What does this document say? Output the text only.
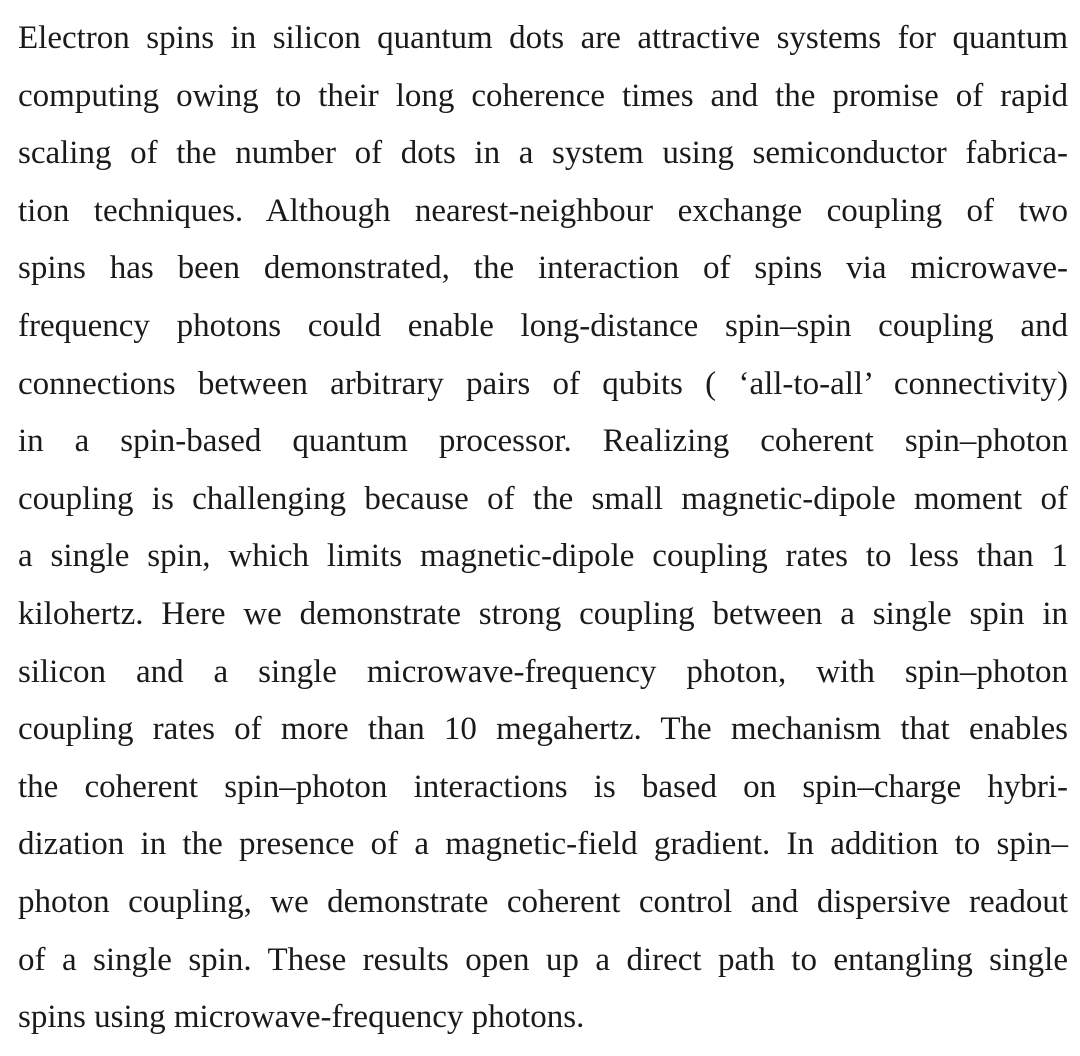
Electron spins in silicon quantum dots are attractive systems for quantum
computing owing to their long coherence times and the promise of rapid
scaling of the number of dots in a system using semiconductor fabrica-
tion techniques. Although nearest-neighbour exchange coupling of two
spins has been demonstrated, the interaction of spins via microwave-
frequency photons could enable long-distance spin–spin coupling and
connections between arbitrary pairs of qubits ( ‘all-to-all’ connectivity)
in a spin-based quantum processor. Realizing coherent spin–photon
coupling is challenging because of the small magnetic-dipole moment of
a single spin, which limits magnetic-dipole coupling rates to less than 1
kilohertz. Here we demonstrate strong coupling between a single spin in
silicon and a single microwave-frequency photon, with spin–photon
coupling rates of more than 10 megahertz. The mechanism that enables
the coherent spin–photon interactions is based on spin–charge hybri-
dization in the presence of a magnetic-field gradient. In addition to spin–
photon coupling, we demonstrate coherent control and dispersive readout
of a single spin. These results open up a direct path to entangling single
spins using microwave-frequency photons.
